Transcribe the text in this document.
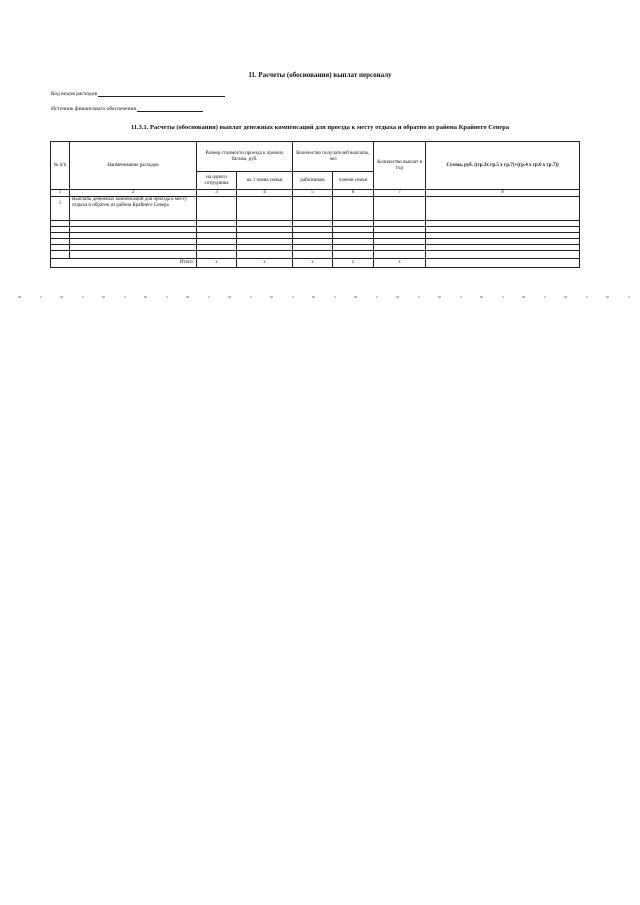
11. Расчеты (обоснования) выплат персоналу
Код видов расходов
Источник финансового обеспечения
11.3.1. Расчеты (обоснования) выплат денежных компенсаций для проезда к месту отдыха и обратно из района Крайнего Севера
№ п/п	Наименование расходов	Размер стоимости проезда к провозу багажа, руб.		Количество получателей выплаты, чел		Количество выплат в год	Сумма, руб. ((гр.3х гр.5 х гр.7)+(гр.4 х гр.6 х гр.7))
		на одного сотрудника	на 1 члена семьи	работников	членов семьи		
1	2	3	4	5	6	7	8
1	Выплаты денежных компенсаций для проезда к месту отдыха и обратно из района Крайнего Севера						

Итого:		х	х	х	х	х	
